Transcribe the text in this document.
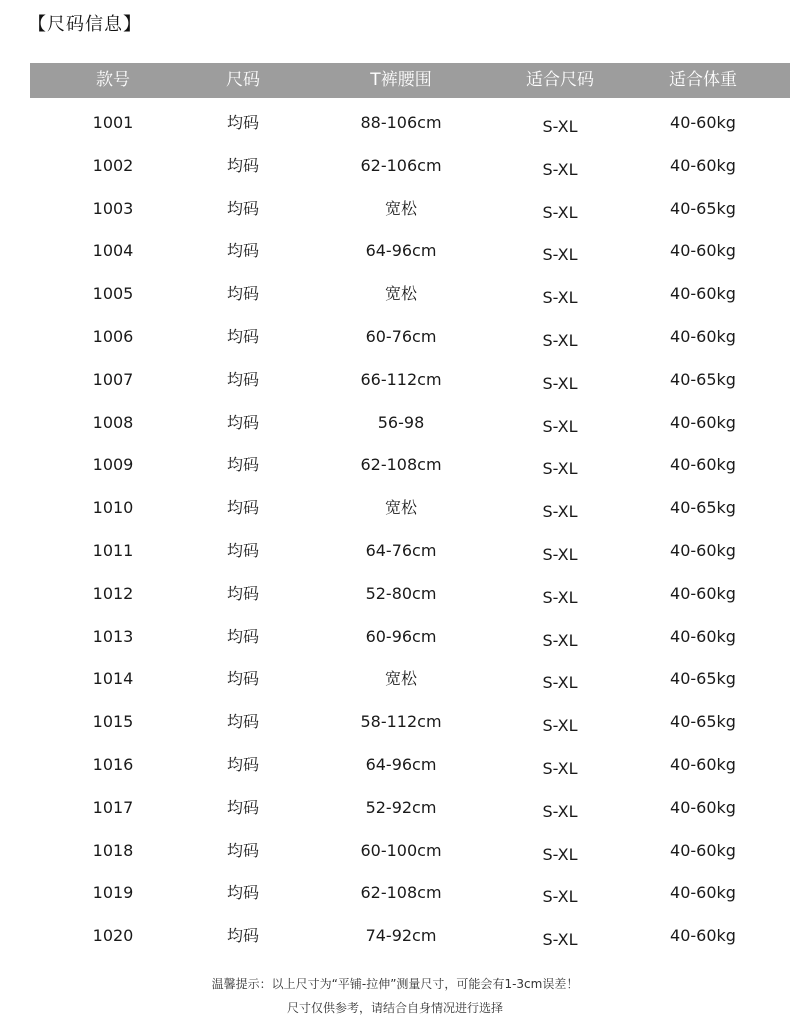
【尺码信息】
款号	尺码	T裤腰围	适合尺码	适合体重
1001	均码	88-106cm	S-XL	40-60kg
1002	均码	62-106cm	S-XL	40-60kg
1003	均码	宽松	S-XL	40-65kg
1004	均码	64-96cm	S-XL	40-60kg
1005	均码	宽松	S-XL	40-60kg
1006	均码	60-76cm	S-XL	40-60kg
1007	均码	66-112cm	S-XL	40-65kg
1008	均码	56-98	S-XL	40-60kg
1009	均码	62-108cm	S-XL	40-60kg
1010	均码	宽松	S-XL	40-65kg
1011	均码	64-76cm	S-XL	40-60kg
1012	均码	52-80cm	S-XL	40-60kg
1013	均码	60-96cm	S-XL	40-60kg
1014	均码	宽松	S-XL	40-65kg
1015	均码	58-112cm	S-XL	40-65kg
1016	均码	64-96cm	S-XL	40-60kg
1017	均码	52-92cm	S-XL	40-60kg
1018	均码	60-100cm	S-XL	40-60kg
1019	均码	62-108cm	S-XL	40-60kg
1020	均码	74-92cm	S-XL	40-60kg
温馨提示：以上尺寸为“平铺-拉伸”测量尺寸，可能会有1-3cm误差！
尺寸仅供参考，请结合自身情况进行选择
